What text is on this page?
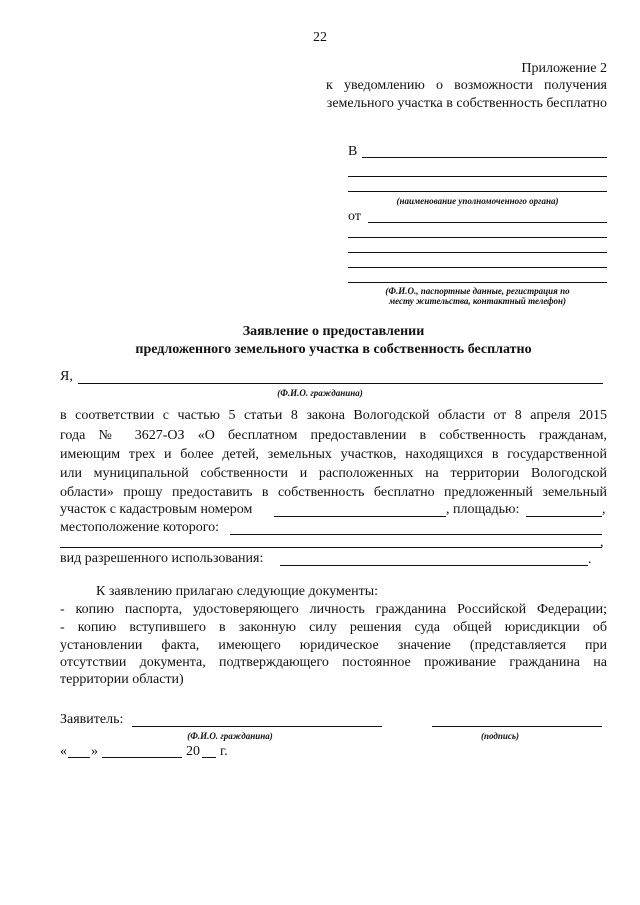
22
Приложение 2
к уведомлению о возможности получения
земельного участка в собственность бесплатно
В
(наименование уполномоченного органа)
от
(Ф.И.О., паспортные данные, регистрация по
месту жительства, контактный телефон)
Заявление о предоставлении
предложенного земельного участка в собственность бесплатно
Я,
(Ф.И.О. гражданина)
в соответствии с частью 5 статьи 8 закона Вологодской области от 8 апреля 2015
года № 3627-ОЗ «О бесплатном предоставлении в собственность гражданам,
имеющим трех и более детей, земельных участков, находящихся в государственной
или муниципальной собственности и расположенных на территории Вологодской
области» прошу предоставить в собственность бесплатно предложенный земельный
участок с кадастровым номером	, площадью:	,
местоположение которого:
,
вид разрешенного использования:	.
К заявлению прилагаю следующие документы:
- копию паспорта, удостоверяющего личность гражданина Российской Федерации;
- копию вступившего в законную силу решения суда общей юрисдикции об
установлении факта, имеющего юридическое значение (представляется при
отсутствии документа, подтверждающего постоянное проживание гражданина на
территории области)
Заявитель:
(Ф.И.О. гражданина)	(подпись)
« »	20 г.
